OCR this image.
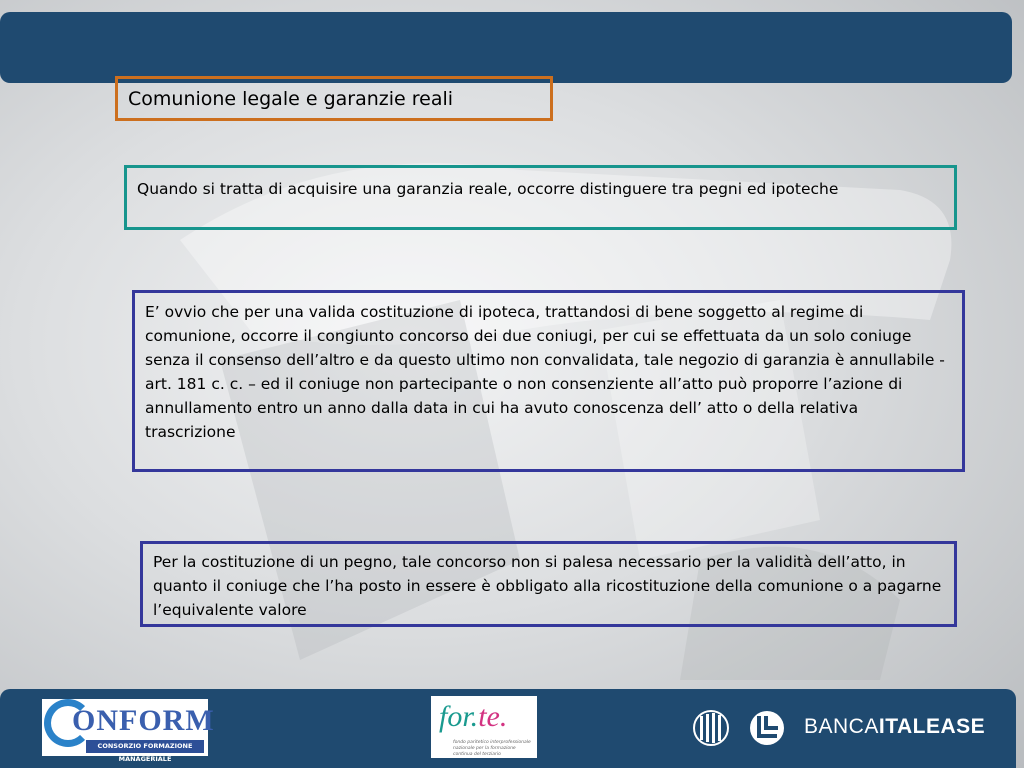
Comunione legale e garanzie reali
Quando si tratta di acquisire una garanzia reale, occorre distinguere tra pegni ed ipoteche
E’ ovvio che per una valida costituzione di ipoteca, trattandosi di bene soggetto al regime di comunione, occorre il congiunto concorso dei due coniugi, per cui se effettuata da un solo coniuge senza il consenso dell’altro e da questo ultimo non convalidata, tale negozio di garanzia è annullabile - art. 181 c. c. – ed il coniuge non partecipante o non consenziente all’atto può proporre l’azione di annullamento entro un anno dalla data in cui ha avuto conoscenza dell’ atto o della relativa trascrizione
Per la costituzione di un pegno, tale concorso non si palesa necessario per la validità dell’atto, in quanto il coniuge che l’ha posto in essere è obbligato alla ricostituzione della comunione o a pagarne l’equivalente valore
ONFORM
CONSORZIO FORMAZIONE MANAGERIALE
for.te.
fondo paritetico interprofessionale nazionale per la formazione continua del terziario
BANCAITALEASE
